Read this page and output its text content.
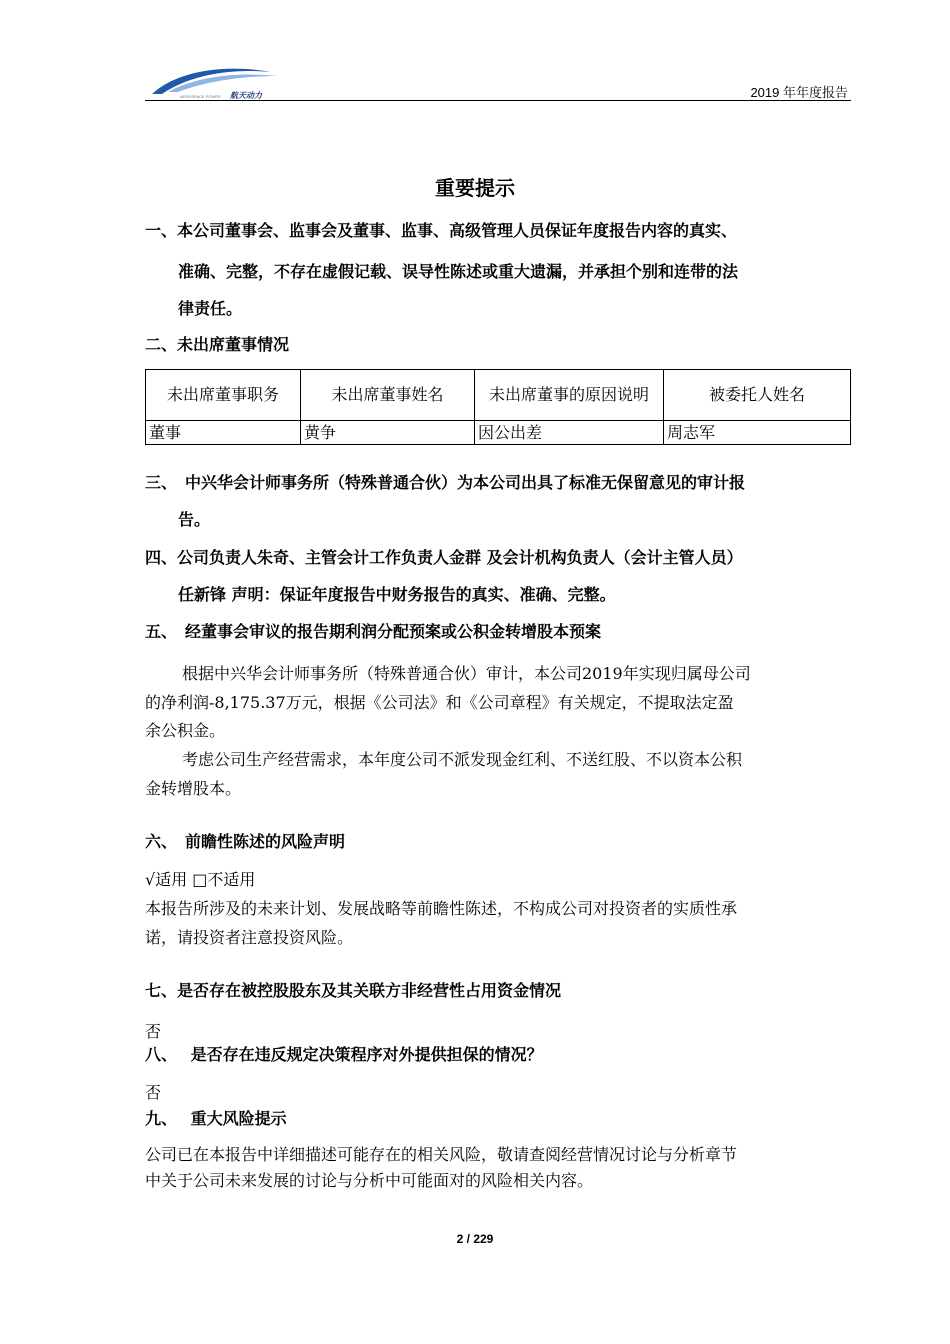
AEROSPACE POWER 航天动力	2019 年年度报告
重要提示
一、本公司董事会、监事会及董事、监事、高级管理人员保证年度报告内容的真实、
准确、完整，不存在虚假记载、误导性陈述或重大遗漏，并承担个别和连带的法
律责任。
二、未出席董事情况
未出席董事职务	未出席董事姓名	未出席董事的原因说明	被委托人姓名
董事	黄争	因公出差	周志军
三、　中兴华会计师事务所（特殊普通合伙）为本公司出具了标准无保留意见的审计报
告。
四、公司负责人朱奇、主管会计工作负责人金群 及会计机构负责人（会计主管人员）
任新锋 声明：保证年度报告中财务报告的真实、准确、完整。
五、　经董事会审议的报告期利润分配预案或公积金转增股本预案
根据中兴华会计师事务所（特殊普通合伙）审计，本公司2019年实现归属母公司
的净利润-8,175.37万元，根据《公司法》和《公司章程》有关规定，不提取法定盈
余公积金。
考虑公司生产经营需求，本年度公司不派发现金红利、不送红股、不以资本公积
金转增股本。
六、　前瞻性陈述的风险声明
√适用 □不适用
本报告所涉及的未来计划、发展战略等前瞻性陈述，不构成公司对投资者的实质性承
诺，请投资者注意投资风险。
七、是否存在被控股股东及其关联方非经营性占用资金情况
否
八、　 是否存在违反规定决策程序对外提供担保的情况？
否
九、　 重大风险提示
公司已在本报告中详细描述可能存在的相关风险，敬请查阅经营情况讨论与分析章节
中关于公司未来发展的讨论与分析中可能面对的风险相关内容。
2 / 229
